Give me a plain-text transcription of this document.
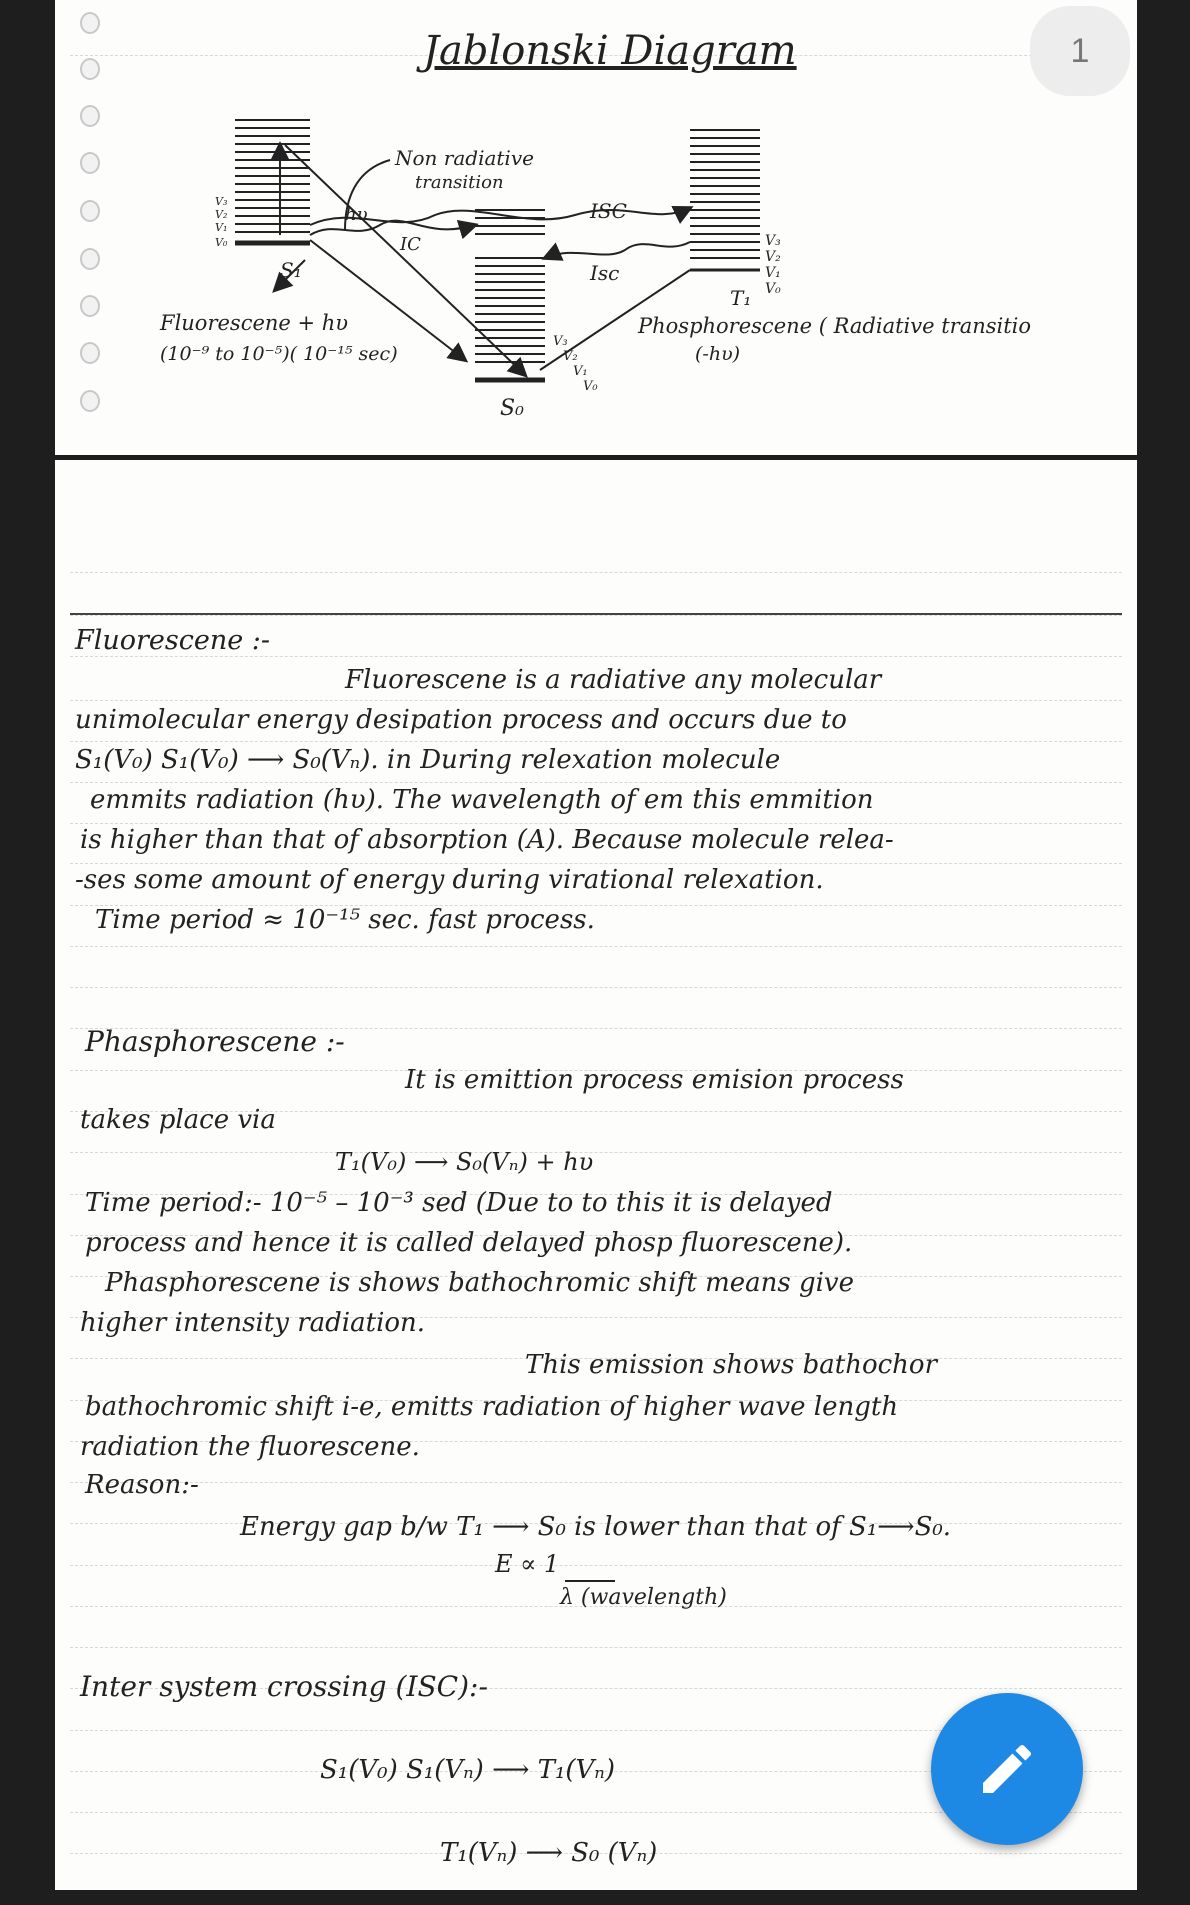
Jablonski Diagram	1
Non radiative
transition
hυ
IC
ISC
Isc
S₁
T₁
S₀
V₃
V₂
V₁
V₀	V₃
V₂
V₁
V₀
V₃
V₂
V₁
V₀
Fluorescene + hυ
(10⁻⁹ to 10⁻⁵)( 10⁻¹⁵ sec)
Phosphorescene ( Radiative transitio
(-hυ)
Fluorescene :-
Fluorescene is a radiative any molecular
unimolecular energy desipation process and occurs due to
S₁(V₀) S₁(V₀) ⟶ S₀(Vₙ). in During relexation molecule
emmits radiation (hυ). The wavelength of em this emmition
is higher than that of absorption (A). Because molecule relea-
-ses some amount of energy during virational relexation.
Time period ≈ 10⁻¹⁵ sec. fast process.
Phasphorescene :-
It is emittion process emision process
takes place via
T₁(V₀) ⟶ S₀(Vₙ) + hυ
Time period:- 10⁻⁵ – 10⁻³ sed (Due to to this it is delayed
process and hence it is called delayed phosp fluorescene).
Phasphorescene is shows bathochromic shift means give
higher intensity radiation.
This emission shows bathochor
bathochromic shift i-e, emitts radiation of higher wave length
radiation the fluorescene.
Reason:-
Energy gap b/w T₁ ⟶ S₀ is lower than that of S₁⟶S₀.
E ∝ 1
λ (wavelength)
Inter system crossing (ISC):-
S₁(V₀) S₁(Vₙ) ⟶ T₁(Vₙ)
T₁(Vₙ) ⟶ S₀ (Vₙ)
